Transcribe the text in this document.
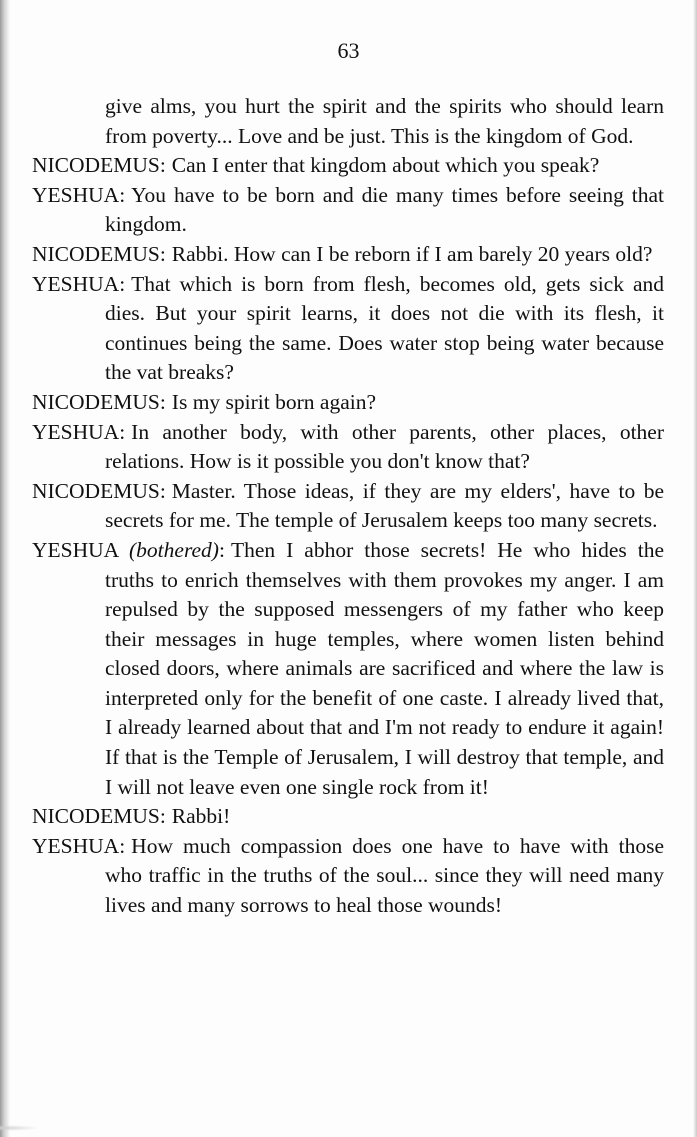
63

give alms, you hurt the spirit and the spirits who should learn from poverty... Love and be just. This is the kingdom of God.

NICODEMUS: Can I enter that kingdom about which you speak?

YESHUA: You have to be born and die many times before seeing that kingdom.

NICODEMUS: Rabbi. How can I be reborn if I am barely 20 years old?

YESHUA: That which is born from flesh, becomes old, gets sick and dies. But your spirit learns, it does not die with its flesh, it continues being the same. Does water stop being water because the vat breaks?

NICODEMUS: Is my spirit born again?

YESHUA: In another body, with other parents, other places, other relations. How is it possible you don't know that?

NICODEMUS: Master. Those ideas, if they are my elders', have to be secrets for me. The temple of Jerusalem keeps too many secrets.

YESHUA (bothered): Then I abhor those secrets! He who hides the truths to enrich themselves with them provokes my anger. I am repulsed by the supposed messengers of my father who keep their messages in huge temples, where women listen behind closed doors, where animals are sacrificed and where the law is interpreted only for the benefit of one caste. I already lived that, I already learned about that and I'm not ready to endure it again! If that is the Temple of Jerusalem, I will destroy that temple, and I will not leave even one single rock from it!

NICODEMUS: Rabbi!

YESHUA: How much compassion does one have to have with those who traffic in the truths of the soul... since they will need many lives and many sorrows to heal those wounds!
